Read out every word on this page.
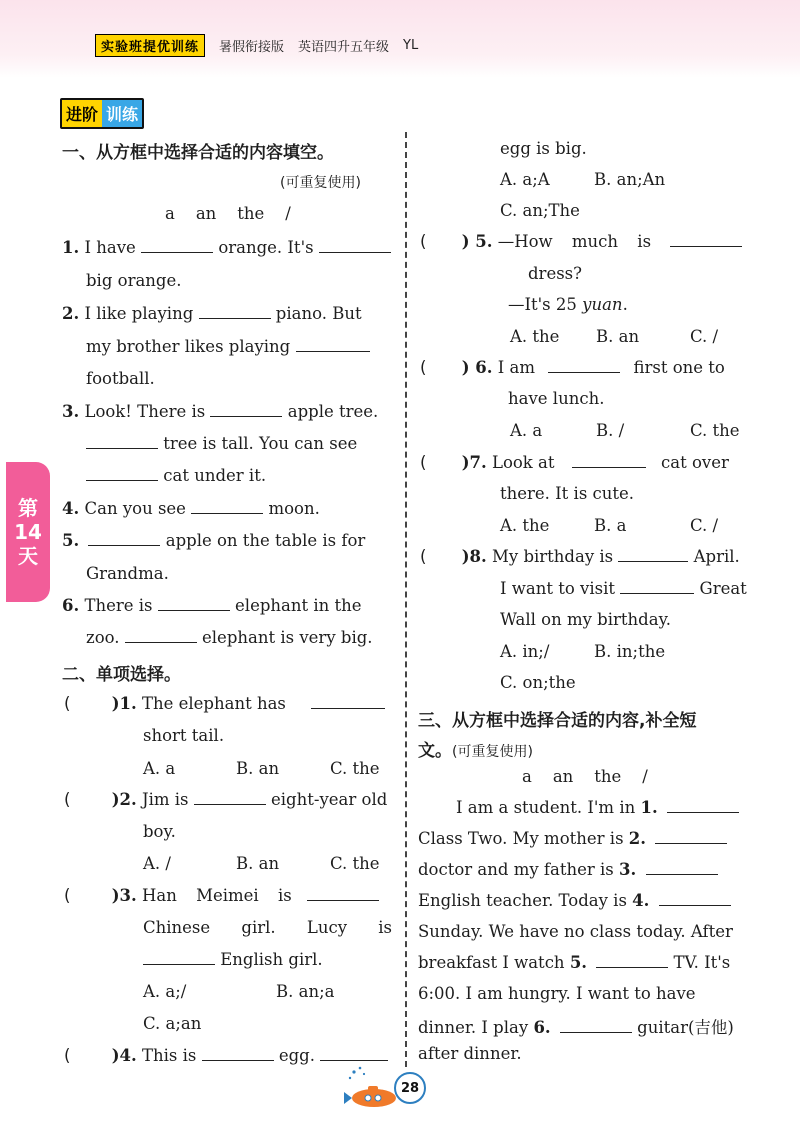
实验班提优训练	暑假衔接版 英语四升五年级 YL
进阶 训练
第
14
天
一、从方框中选择合适的内容填空。
(可重复使用)
a    an    the    /
1. I have	orange. It's
big orange.
2. I like playing	piano. But
my brother likes playing
football.
3. Look! There is	apple tree.
tree is tall. You can see
cat under it.
4. Can you see	moon.
5.	apple on the table is for
Grandma.
6. There is	elephant in the
zoo.	elephant is very big.
二、单项选择。
(	)1. The elephant has
short tail.
A. a	B. an	C. the
(	)2. Jim is	eight-year old
boy.
A. /	B. an	C. the
(	)3. Han Meimei is
Chinese girl. Lucy is
English girl.
A. a;/	B. an;a
C. a;an
(	)4. This is	egg.
egg is big.
A. a;A	B. an;An
C. an;The
( ) 5. —How much is
dress?
—It's 25 yuan.
A. the B. an	C. /
( ) 6. I am	first one to
have lunch.
A. a	B. /	C. the
( )7. Look at	cat over
there. It is cute.
A. the	B. a	C. /
( )8. My birthday is	April.
I want to visit	Great
Wall on my birthday.
A. in;/	B. in;the
C. on;the
三、从方框中选择合适的内容,补全短
文。(可重复使用)
a    an    the    /
I am a student. I'm in 1.
Class Two. My mother is 2.
doctor and my father is 3.
English teacher. Today is 4.
Sunday. We have no class today. After
breakfast I watch 5.	TV. It's
6:00. I am hungry. I want to have
dinner. I play 6.	guitar(吉他)
after dinner.
28
